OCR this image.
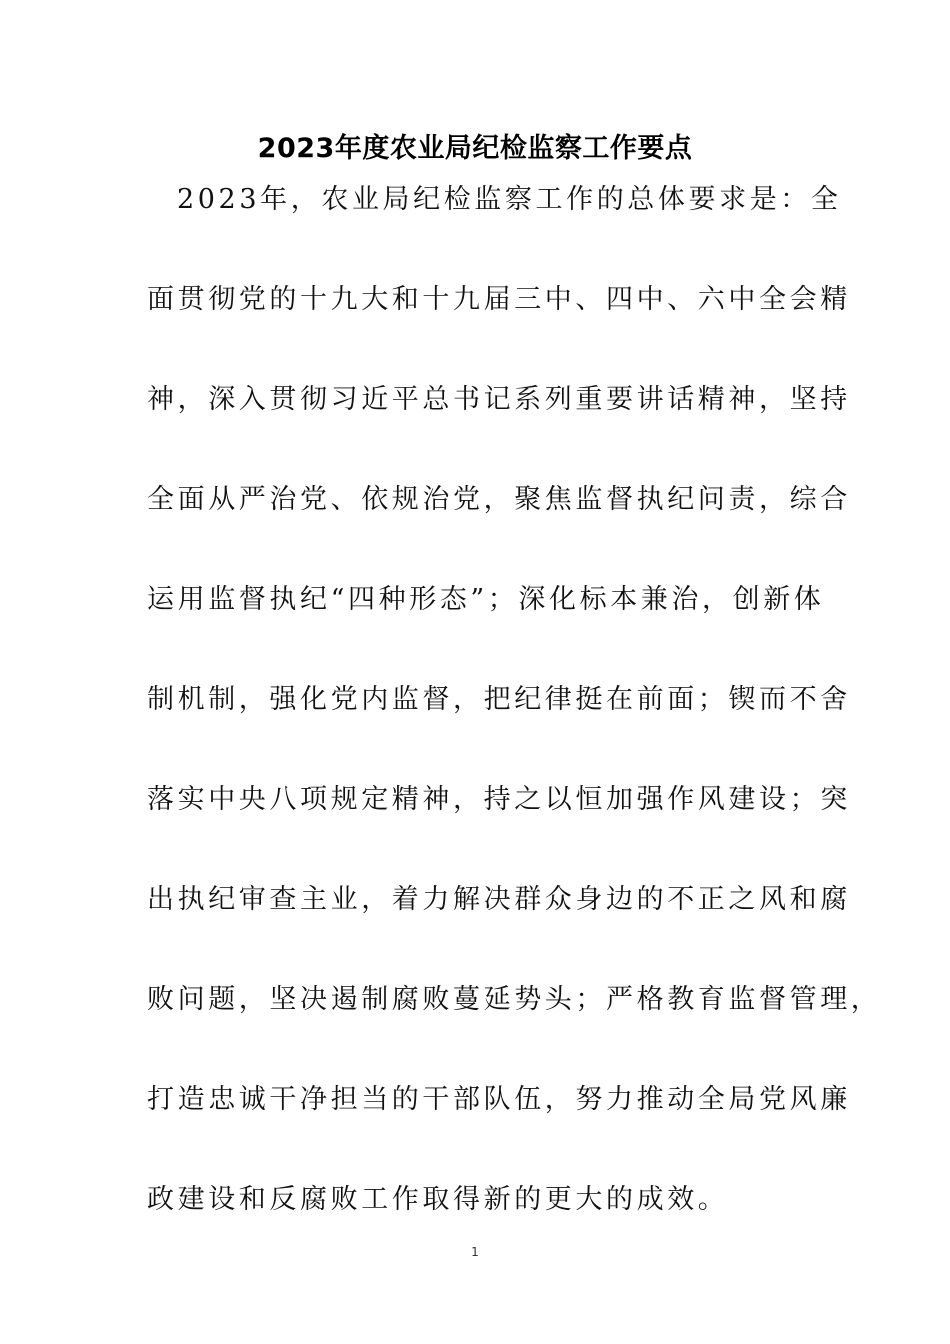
2023年度农业局纪检监察工作要点
2023年，农业局纪检监察工作的总体要求是：全
面贯彻党的十九大和十九届三中、四中、六中全会精
神，深入贯彻习近平总书记系列重要讲话精神，坚持
全面从严治党、依规治党，聚焦监督执纪问责，综合
运用监督执纪“四种形态”；深化标本兼治，创新体
制机制，强化党内监督，把纪律挺在前面；锲而不舍
落实中央八项规定精神，持之以恒加强作风建设；突
出执纪审查主业，着力解决群众身边的不正之风和腐
败问题，坚决遏制腐败蔓延势头；严格教育监督管理，
打造忠诚干净担当的干部队伍，努力推动全局党风廉
政建设和反腐败工作取得新的更大的成效。
1
